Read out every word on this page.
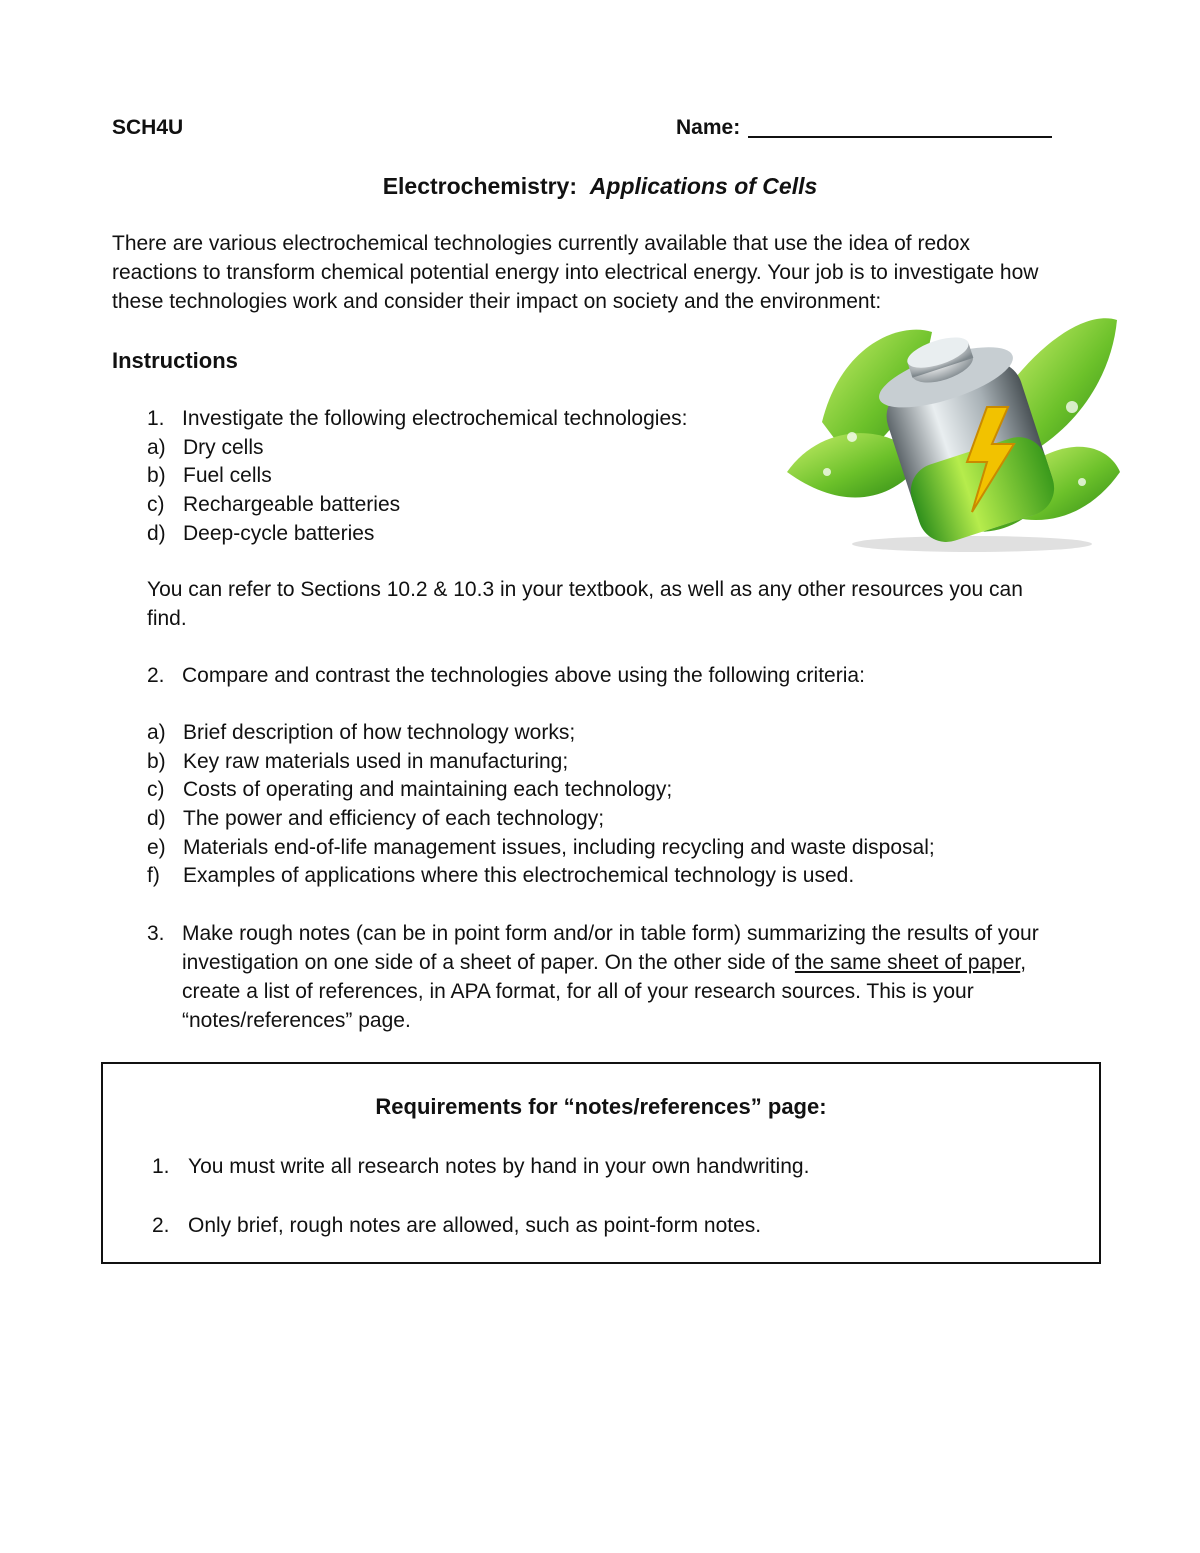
SCH4U	Name:
Electrochemistry: Applications of Cells
There are various electrochemical technologies currently available that use the idea of redox
reactions to transform chemical potential energy into electrical energy. Your job is to investigate how
these technologies work and consider their impact on society and the environment:
Instructions
1. Investigate the following electrochemical technologies:
a) Dry cells
b) Fuel cells
c) Rechargeable batteries
d) Deep-cycle batteries
You can refer to Sections 10.2 & 10.3 in your textbook, as well as any other resources you can
find.
2. Compare and contrast the technologies above using the following criteria:
a) Brief description of how technology works;
b) Key raw materials used in manufacturing;
c) Costs of operating and maintaining each technology;
d) The power and efficiency of each technology;
e) Materials end-of-life management issues, including recycling and waste disposal;
f) Examples of applications where this electrochemical technology is used.
3. Make rough notes (can be in point form and/or in table form) summarizing the results of your
investigation on one side of a sheet of paper. On the other side of the same sheet of paper,
create a list of references, in APA format, for all of your research sources. This is your
“notes/references” page.
Requirements for “notes/references” page:
1. You must write all research notes by hand in your own handwriting.
2. Only brief, rough notes are allowed, such as point-form notes.
